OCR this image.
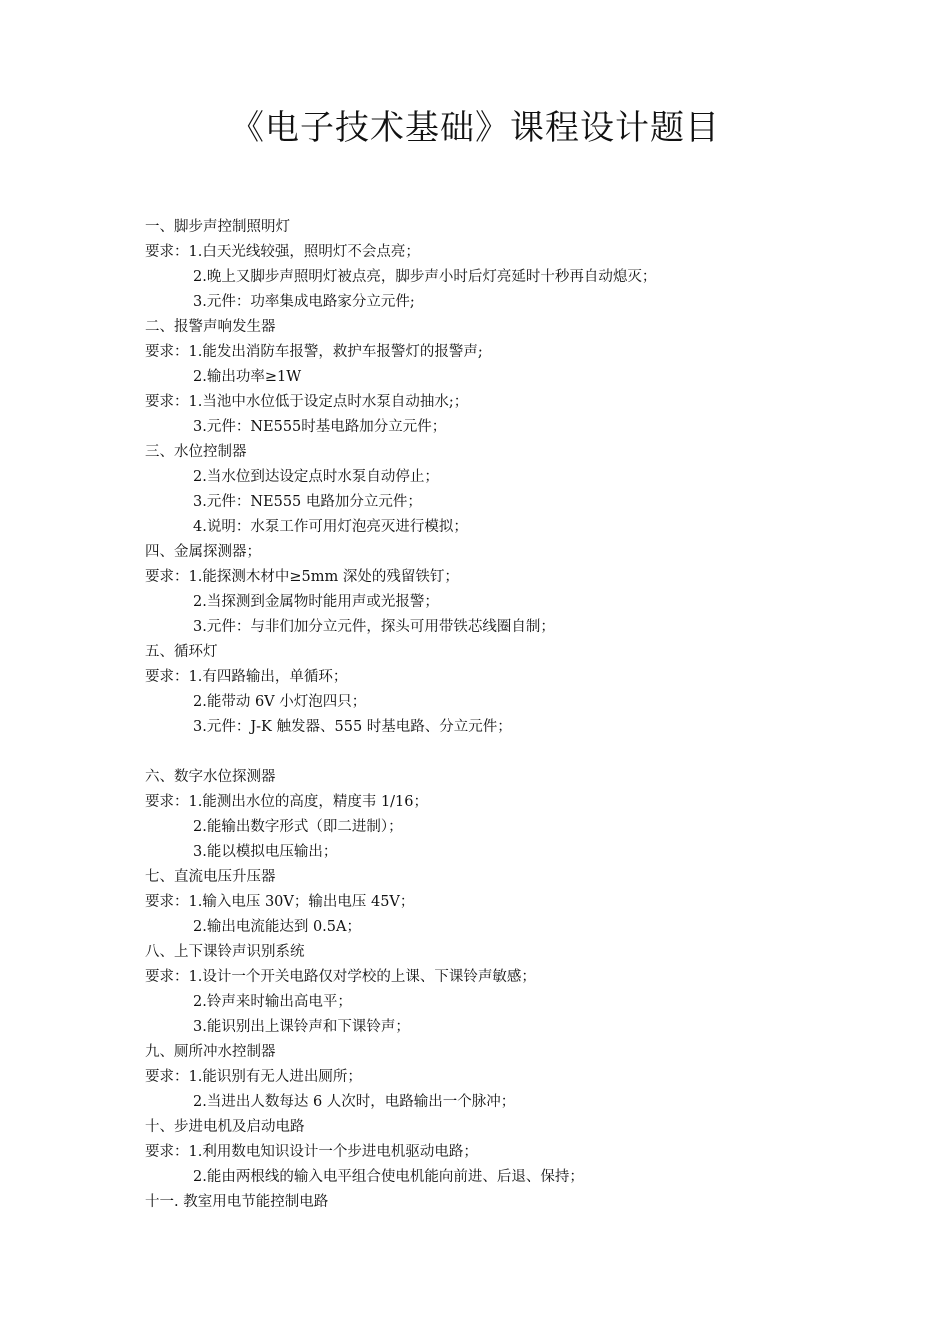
《电子技术基础》课程设计题目
一、脚步声控制照明灯
要求：1.白天光线较强，照明灯不会点亮；
2.晚上又脚步声照明灯被点亮，脚步声小时后灯亮延时十秒再自动熄灭；
3.元件：功率集成电路家分立元件;
二、报警声响发生器
要求：1.能发出消防车报警，救护车报警灯的报警声;
2.输出功率≥1W
要求：1.当池中水位低于设定点时水泵自动抽水;；
3.元件：NE555时基电路加分立元件；
三、水位控制器
2.当水位到达设定点时水泵自动停止；
3.元件：NE555 电路加分立元件；
4.说明：水泵工作可用灯泡亮灭进行模拟；
四、金属探测器；
要求：1.能探测木材中≥5mm 深处的残留铁钉；
2.当探测到金属物时能用声或光报警；
3.元件：与非们加分立元件，探头可用带铁芯线圈自制；
五、循环灯
要求：1.有四路输出，单循环；
2.能带动 6V 小灯泡四只；
3.元件：J-K 触发器、555 时基电路、分立元件；
六、数字水位探测器
要求：1.能测出水位的高度，精度韦 1/16；
2.能输出数字形式（即二进制）；
3.能以模拟电压输出；
七、直流电压升压器
要求：1.输入电压 30V；输出电压 45V；
2.输出电流能达到 0.5A；
八、上下课铃声识别系统
要求：1.设计一个开关电路仅对学校的上课、下课铃声敏感；
2.铃声来时输出高电平；
3.能识别出上课铃声和下课铃声；
九、厕所冲水控制器
要求：1.能识别有无人进出厕所；
2.当进出人数每达 6 人次时，电路输出一个脉冲；
十、步进电机及启动电路
要求：1.利用数电知识设计一个步进电机驱动电路；
2.能由两根线的输入电平组合使电机能向前进、后退、保持；
十一. 教室用电节能控制电路
